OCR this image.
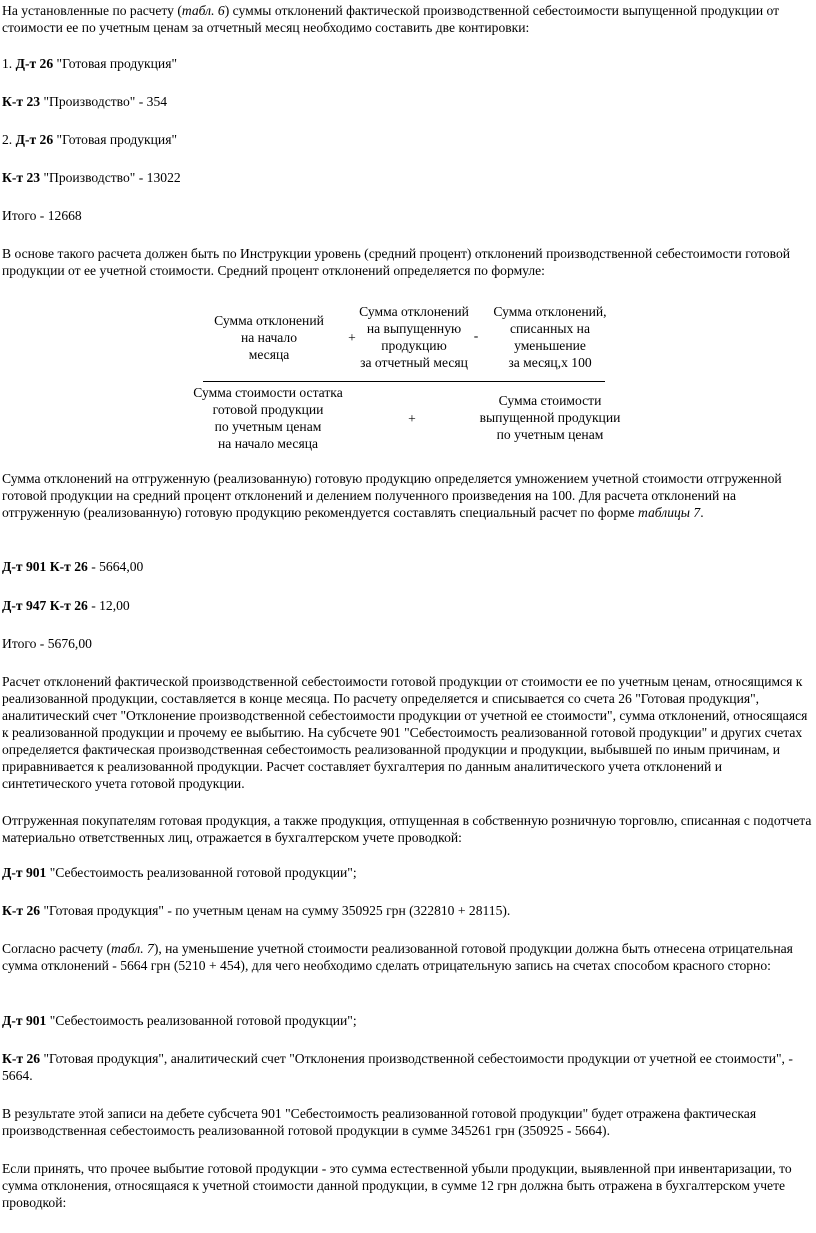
На установленные по расчету (табл. 6) суммы отклонений фактической производственной себестоимости выпущенной продукции от стоимости ее по учетным ценам за отчетный месяц необходимо составить две контировки:

1. Д-т 26 "Готовая продукция"

К-т 23 "Производство" - 354

2. Д-т 26 "Готовая продукция"

К-т 23 "Производство" - 13022

Итого - 12668

В основе такого расчета должен быть по Инструкции уровень (средний процент) отклонений производственной себестоимости готовой продукции от ее учетной стоимости. Средний процент отклонений определяется по формуле:

Сумма отклонений
на начало
месяца
+
Сумма отклонений
на выпущенную
продукцию
за отчетный месяц
-
Сумма отклонений,
списанных на
уменьшение
за месяц,х 100
Сумма стоимости остатка
готовой продукции
по учетным ценам
на начало месяца
+
Сумма стоимости
выпущенной продукции
по учетным ценам

Сумма отклонений на отгруженную (реализованную) готовую продукцию определяется умножением учетной стоимости отгруженной готовой продукции на средний процент отклонений и делением полученного произведения на 100. Для расчета отклонений на отгруженную (реализованную) готовую продукцию рекомендуется составлять специальный расчет по форме таблицы 7.

Д-т 901 К-т 26 - 5664,00

Д-т 947 К-т 26 - 12,00

Итого - 5676,00

Расчет отклонений фактической производственной себестоимости готовой продукции от стоимости ее по учетным ценам, относящимся к реализованной продукции, составляется в конце месяца. По расчету определяется и списывается со счета 26 "Готовая продукция", аналитический счет "Отклонение производственной себестоимости продукции от учетной ее стоимости", сумма отклонений, относящаяся к реализованной продукции и прочему ее выбытию. На субсчете 901 "Себестоимость реализованной готовой продукции" и других счетах определяется фактическая производственная себестоимость реализованной продукции и продукции, выбывшей по иным причинам, и приравнивается к реализованной продукции. Расчет составляет бухгалтерия по данным аналитического учета отклонений и синтетического учета готовой продукции.

Отгруженная покупателям готовая продукция, а также продукция, отпущенная в собственную розничную торговлю, списанная с подотчета материально ответственных лиц, отражается в бухгалтерском учете проводкой:

Д-т 901 "Себестоимость реализованной готовой продукции";

К-т 26 "Готовая продукция" - по учетным ценам на сумму 350925 грн (322810 + 28115).

Согласно расчету (табл. 7), на уменьшение учетной стоимости реализованной готовой продукции должна быть отнесена отрицательная сумма отклонений - 5664 грн (5210 + 454), для чего необходимо сделать отрицательную запись на счетах способом красного сторно:

Д-т 901 "Себестоимость реализованной готовой продукции";

К-т 26 "Готовая продукция", аналитический счет "Отклонения производственной себестоимости продукции от учетной ее стоимости", - 5664.

В результате этой записи на дебете субсчета 901 "Себестоимость реализованной готовой продукции" будет отражена фактическая производственная себестоимость реализованной готовой продукции в сумме 345261 грн (350925 - 5664).

Если принять, что прочее выбытие готовой продукции - это сумма естественной убыли продукции, выявленной при инвентаризации, то сумма отклонения, относящаяся к учетной стоимости данной продукции, в сумме 12 грн должна быть отражена в бухгалтерском учете проводкой:
